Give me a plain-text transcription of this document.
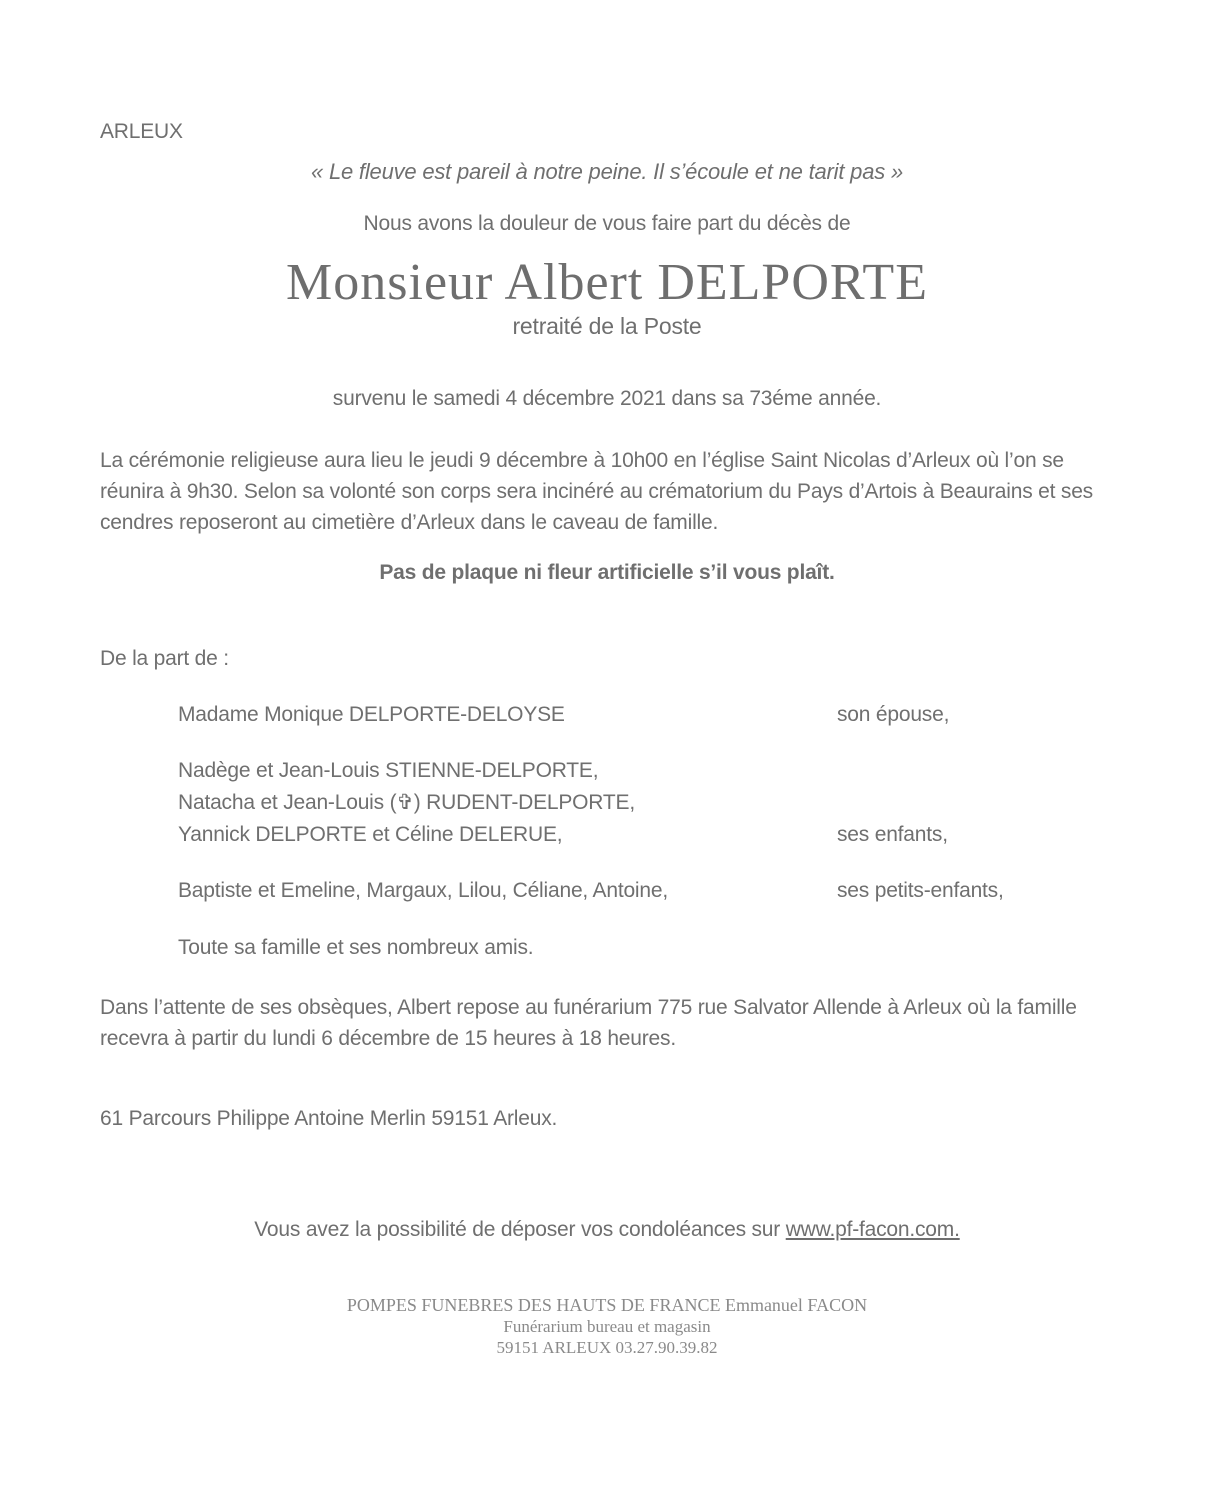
ARLEUX
« Le fleuve est pareil à notre peine. Il s’écoule et ne tarit pas »
Nous avons la douleur de vous faire part du décès de
Monsieur Albert DELPORTE
retraité de la Poste
survenu le samedi 4 décembre 2021 dans sa 73éme année.
La cérémonie religieuse aura lieu le jeudi 9 décembre à 10h00 en l’église Saint Nicolas d’Arleux où l’on se réunira à 9h30. Selon sa volonté son corps sera incinéré au crématorium du Pays d’Artois à Beaurains et ses cendres reposeront au cimetière d’Arleux dans le caveau de famille.
Pas de plaque ni fleur artificielle s’il vous plaît.
De la part de :
Madame Monique DELPORTE-DELOYSE	son épouse,
Nadège et Jean-Louis STIENNE-DELPORTE,
Natacha et Jean-Louis (✞) RUDENT-DELPORTE,
Yannick DELPORTE et Céline DELERUE,	ses enfants,
Baptiste et Emeline, Margaux, Lilou, Céliane, Antoine,	ses petits-enfants,
Toute sa famille et ses nombreux amis.
Dans l’attente de ses obsèques, Albert repose au funérarium 775 rue Salvator Allende à Arleux où la famille recevra à partir du lundi 6 décembre de 15 heures à 18 heures.
61 Parcours Philippe Antoine Merlin 59151 Arleux.
Vous avez la possibilité de déposer vos condoléances sur www.pf-facon.com.
POMPES FUNEBRES DES HAUTS DE FRANCE Emmanuel FACON
Funérarium bureau et magasin
59151 ARLEUX 03.27.90.39.82
